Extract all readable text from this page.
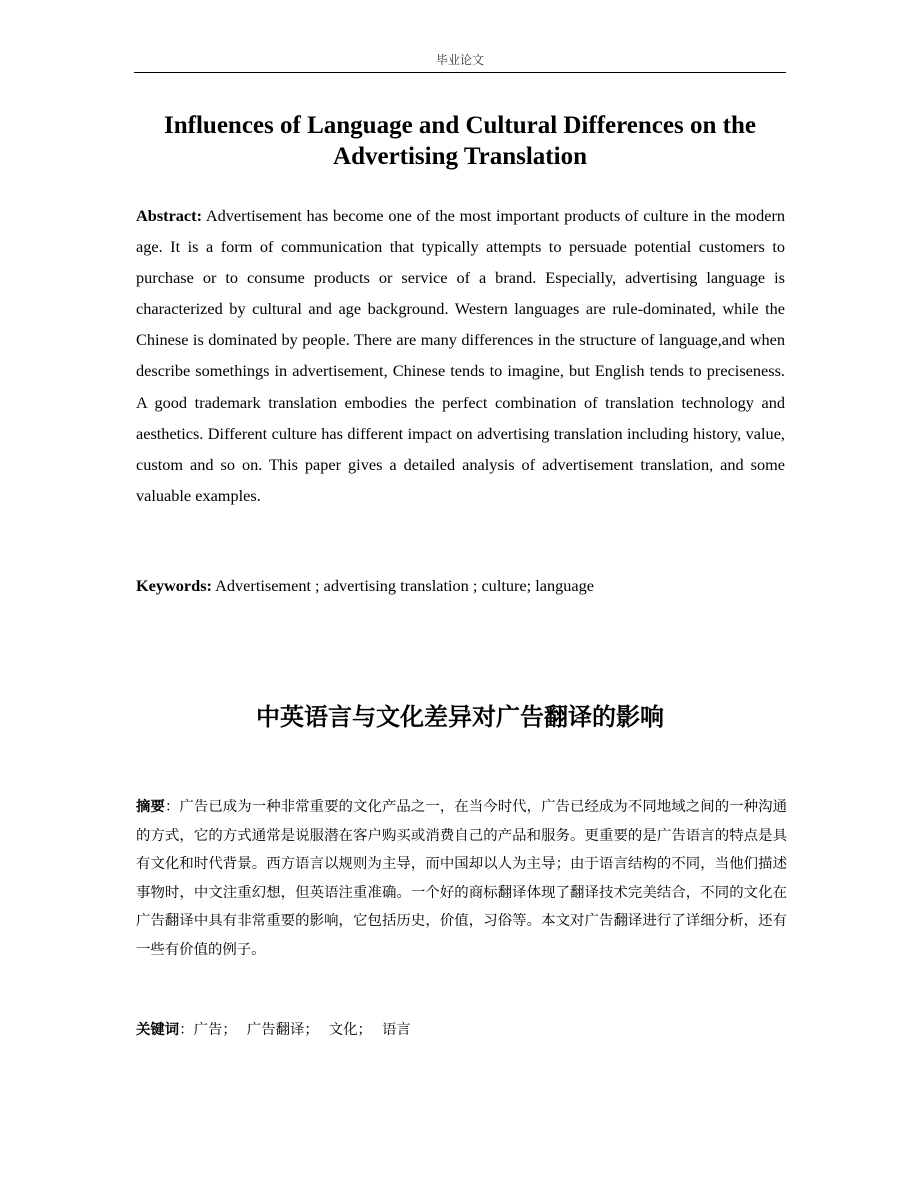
毕业论文
Influences of Language and Cultural Differences on the Advertising Translation

Abstract: Advertisement has become one of the most important products of culture in the modern age. It is a form of communication that typically attempts to persuade potential customers to purchase or to consume products or service of a brand. Especially, advertising language is characterized by cultural and age background. Western languages are rule-dominated, while the Chinese is dominated by people. There are many differences in the structure of language,and when describe somethings in advertisement, Chinese tends to imagine, but English tends to preciseness. A good trademark translation embodies the perfect combination of translation technology and aesthetics. Different culture has different impact on advertising translation including history, value, custom and so on. This paper gives a detailed analysis of advertisement translation, and some valuable examples.

Keywords: Advertisement ; advertising translation ; culture; language

中英语言与文化差异对广告翻译的影响

摘要：广告已成为一种非常重要的文化产品之一，在当今时代，广告已经成为不同地域之间的一种沟通的方式，它的方式通常是说服潜在客户购买或消费自己的产品和服务。更重要的是广告语言的特点是具有文化和时代背景。西方语言以规则为主导，而中国却以人为主导；由于语言结构的不同，当他们描述事物时，中文注重幻想，但英语注重准确。一个好的商标翻译体现了翻译技术完美结合，不同的文化在广告翻译中具有非常重要的影响，它包括历史，价值，习俗等。本文对广告翻译进行了详细分析，还有一些有价值的例子。

关键词：广告； 广告翻译； 文化； 语言
